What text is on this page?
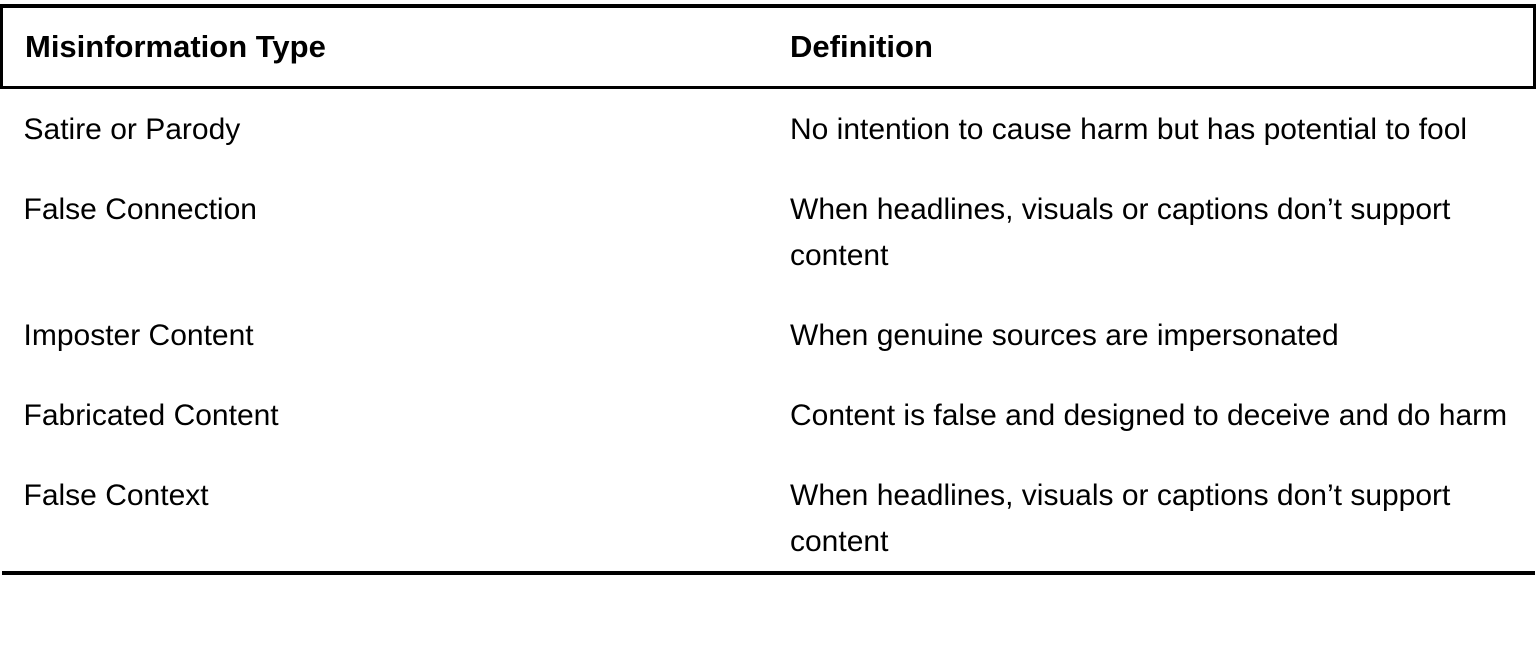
Misinformation Type	Definition
Satire or Parody	No intention to cause harm but has potential to fool
False Connection	When headlines, visuals or captions don’t support content
Imposter Content	When genuine sources are impersonated
Fabricated Content	Content is false and designed to deceive and do harm
False Context	When headlines, visuals or captions don’t support content
